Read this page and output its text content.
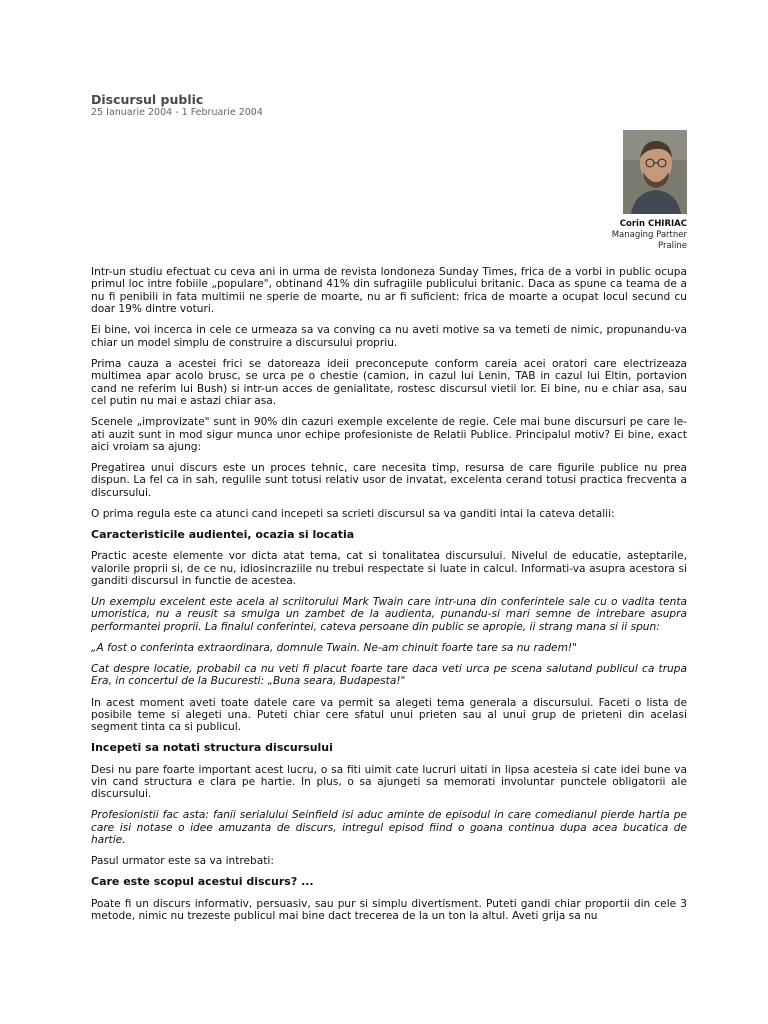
Discursul public
25 Ianuarie 2004 - 1 Februarie 2004
Corin CHIRIAC
Managing Partner
Praline

Intr-un studiu efectuat cu ceva ani in urma de revista londoneza Sunday Times, frica de a vorbi in public ocupa primul loc intre fobiile „populare", obtinand 41% din sufragiile publicului britanic. Daca as spune ca teama de a nu fi penibili in fata multimii ne sperie de moarte, nu ar fi suficient: frica de moarte a ocupat locul secund cu doar 19% dintre voturi.

Ei bine, voi incerca in cele ce urmeaza sa va conving ca nu aveti motive sa va temeti de nimic, propunandu-va chiar un model simplu de construire a discursului propriu.

Prima cauza a acestei frici se datoreaza ideii preconcepute conform careia acei oratori care electrizeaza multimea apar acolo brusc, se urca pe o chestie (camion, in cazul lui Lenin, TAB in cazul lui Eltin, portavion cand ne referim lui Bush) si intr-un acces de genialitate, rostesc discursul vietii lor. Ei bine, nu e chiar asa, sau cel putin nu mai e astazi chiar asa.

Scenele „improvizate" sunt in 90% din cazuri exemple excelente de regie. Cele mai bune discursuri pe care le-ati auzit sunt in mod sigur munca unor echipe profesioniste de Relatii Publice. Principalul motiv? Ei bine, exact aici vroiam sa ajung:

Pregatirea unui discurs este un proces tehnic, care necesita timp, resursa de care figurile publice nu prea dispun. La fel ca in sah, regulile sunt totusi relativ usor de invatat, excelenta cerand totusi practica frecventa a discursului.

O prima regula este ca atunci cand incepeti sa scrieti discursul sa va ganditi intai la cateva detalii:

Caracteristicile audientei, ocazia si locatia

Practic aceste elemente vor dicta atat tema, cat si tonalitatea discursului. Nivelul de educatie, asteptarile, valorile proprii si, de ce nu, idiosincraziile nu trebui respectate si luate in calcul. Informati-va asupra acestora si ganditi discursul in functie de acestea.

Un exemplu excelent este acela al scriitorului Mark Twain care intr-una din conferintele sale cu o vadita tenta umoristica, nu a reusit sa smulga un zambet de la audienta, punandu-si mari semne de intrebare asupra performantei proprii. La finalul conferintei, cateva persoane din public se apropie, ii strang mana si ii spun:

„A fost o conferinta extraordinara, domnule Twain. Ne-am chinuit foarte tare sa nu radem!"

Cat despre locatie, probabil ca nu veti fi placut foarte tare daca veti urca pe scena salutand publicul ca trupa Era, in concertul de la Bucuresti: „Buna seara, Budapesta!"

In acest moment aveti toate datele care va permit sa alegeti tema generala a discursului. Faceti o lista de posibile teme si alegeti una. Puteti chiar cere sfatul unui prieten sau al unui grup de prieteni din acelasi segment tinta ca si publicul.

Incepeti sa notati structura discursului

Desi nu pare foarte important acest lucru, o sa fiti uimit cate lucruri uitati in lipsa acesteia si cate idei bune va vin cand structura e clara pe hartie. In plus, o sa ajungeti sa memorati involuntar punctele obligatorii ale discursului.

Profesionistii fac asta: fanii serialului Seinfield isi aduc aminte de episodul in care comedianul pierde hartia pe care isi notase o idee amuzanta de discurs, intregul episod fiind o goana continua dupa acea bucatica de hartie.

Pasul urmator este sa va intrebati:

Care este scopul acestui discurs? ...

Poate fi un discurs informativ, persuasiv, sau pur si simplu divertisment. Puteti gandi chiar proportii din cele 3 metode, nimic nu trezeste publicul mai bine dact trecerea de la un ton la altul. Aveti grija sa nu
